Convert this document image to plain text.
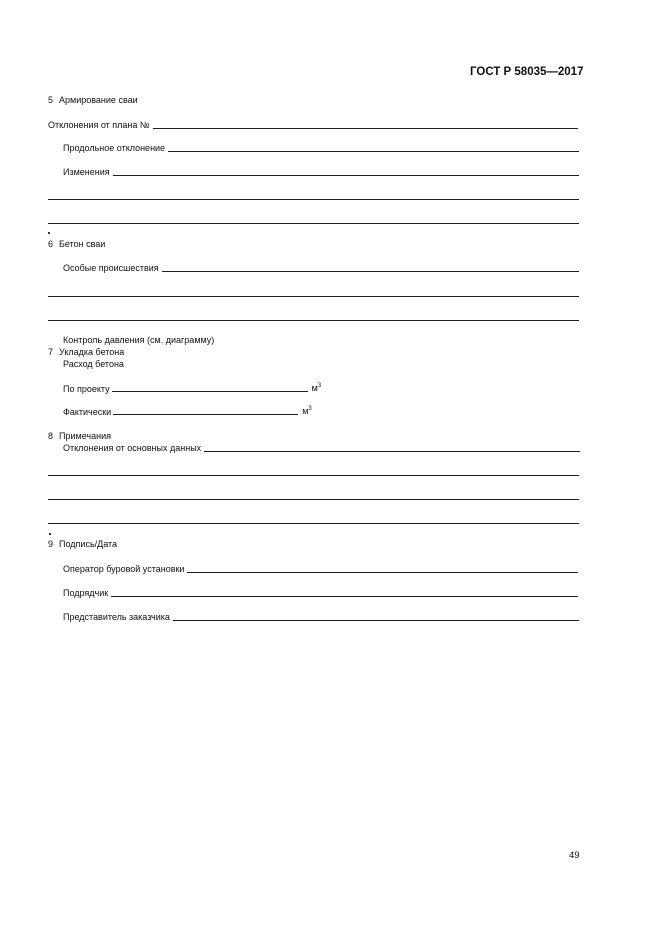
ГОСТ Р 58035—2017
5 Армирование сваи
Отклонения от плана №
Продольное отклонение
Изменения
6 Бетон сваи
Особые происшествия
Контроль давления (см. диаграмму)
7 Укладка бетона
Расход бетона
По проекту	$м^3$
Фактически	$м^3$
8 Примечания
Отклонения от основных данных
9 Подпись/Дата
Оператор буровой установки
Подрядчик
Представитель заказчика
49
